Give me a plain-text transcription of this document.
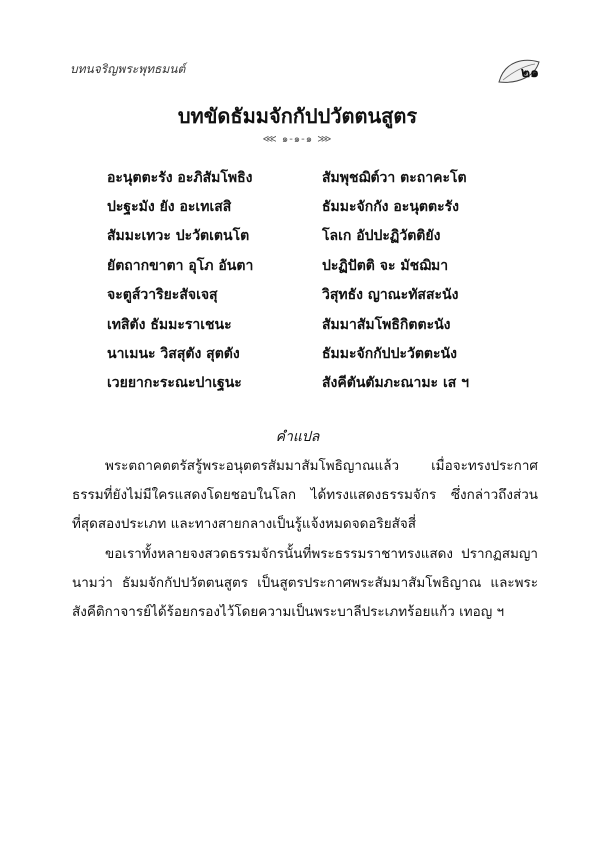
บทนจริญพระพุทธมนต์	๒๑
บทขัดธัมมจักกัปปวัตตนสูตร
⋘ ๑-๑-๑ ⋙
อะนุตตะรัง อะภิสัมโพธิง	สัมพุชฌิต์วา ตะถาคะโต
ปะฐะมัง ยัง อะเทเสสิ	ธัมมะจักกัง อะนุตตะรัง
สัมมะเทวะ ปะวัตเตนโต	โลเก อัปปะฏิวัตติยัง
ยัตถากขาตา อุโภ อันตา	ปะฏิปัตติ จะ มัชฌิมา
จะตูส์วาริยะสัจเจสุ	วิสุทธัง ญาณะทัสสะนัง
เทสิตัง ธัมมะราเชนะ	สัมมาสัมโพธิกิตตะนัง
นาเมนะ วิสสุตัง สุตตัง	ธัมมะจักกัปปะวัตตะนัง
เวยยากะระณะปาเฐนะ	สังคีตันตัมภะณามะ เส ฯ
คำแปล
พระตถาคตตรัสรู้พระอนุตตรสัมมาสัมโพธิญาณแล้ว เมื่อจะทรงประกาศธรรมที่ยังไม่มีใครแสดงโดยชอบในโลก ได้ทรงแสดงธรรมจักร ซึ่งกล่าวถึงส่วนที่สุดสองประเภท และทางสายกลางเป็นรู้แจ้งหมดจดอริยสัจสี่
ขอเราทั้งหลายจงสวดธรรมจักรนั้นที่พระธรรมราชาทรงแสดง ปรากฏสมญานามว่า ธัมมจักกัปปวัตตนสูตร เป็นสูตรประกาศพระสัมมาสัมโพธิญาณ และพระสังคีติกาจารย์ได้ร้อยกรองไว้โดยความเป็นพระบาลีประเภทร้อยแก้ว เทอญ ฯ
